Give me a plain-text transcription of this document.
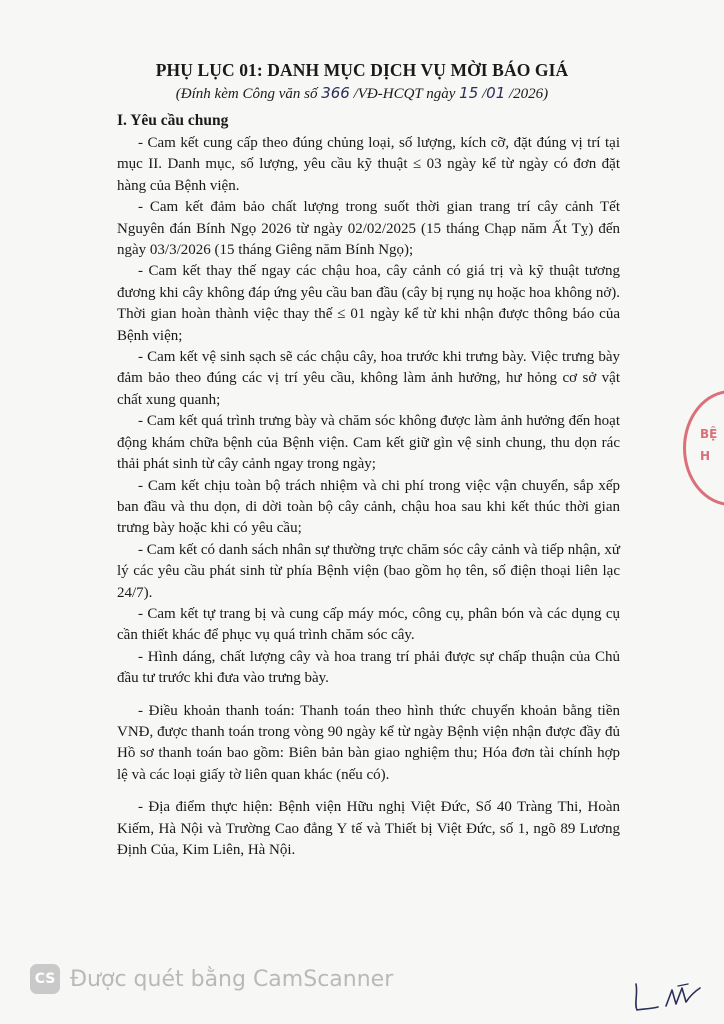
PHỤ LỤC 01: DANH MỤC DỊCH VỤ MỜI BÁO GIÁ
(Đính kèm Công văn số 366 /VĐ-HCQT ngày 15 /01 /2026)
I. Yêu cầu chung

- Cam kết cung cấp theo đúng chủng loại, số lượng, kích cỡ, đặt đúng vị trí tại mục II. Danh mục, số lượng, yêu cầu kỹ thuật ≤ 03 ngày kể từ ngày có đơn đặt hàng của Bệnh viện.

- Cam kết đảm bảo chất lượng trong suốt thời gian trang trí cây cảnh Tết Nguyên đán Bính Ngọ 2026 từ ngày 02/02/2025 (15 tháng Chạp năm Ất Tỵ) đến ngày 03/3/2026 (15 tháng Giêng năm Bính Ngọ);

- Cam kết thay thế ngay các chậu hoa, cây cảnh có giá trị và kỹ thuật tương đương khi cây không đáp ứng yêu cầu ban đầu (cây bị rụng nụ hoặc hoa không nở). Thời gian hoàn thành việc thay thế ≤ 01 ngày kể từ khi nhận được thông báo của Bệnh viện;

- Cam kết vệ sinh sạch sẽ các chậu cây, hoa trước khi trưng bày. Việc trưng bày đảm bảo theo đúng các vị trí yêu cầu, không làm ảnh hưởng, hư hỏng cơ sở vật chất xung quanh;

- Cam kết quá trình trưng bày và chăm sóc không được làm ảnh hưởng đến hoạt động khám chữa bệnh của Bệnh viện. Cam kết giữ gìn vệ sinh chung, thu dọn rác thải phát sinh từ cây cảnh ngay trong ngày;

- Cam kết chịu toàn bộ trách nhiệm và chi phí trong việc vận chuyển, sắp xếp ban đầu và thu dọn, di dời toàn bộ cây cảnh, chậu hoa sau khi kết thúc thời gian trưng bày hoặc khi có yêu cầu;

- Cam kết có danh sách nhân sự thường trực chăm sóc cây cảnh và tiếp nhận, xử lý các yêu cầu phát sinh từ phía Bệnh viện (bao gồm họ tên, số điện thoại liên lạc 24/7).

- Cam kết tự trang bị và cung cấp máy móc, công cụ, phân bón và các dụng cụ cần thiết khác để phục vụ quá trình chăm sóc cây.

- Hình dáng, chất lượng cây và hoa trang trí phải được sự chấp thuận của Chủ đầu tư trước khi đưa vào trưng bày.

- Điều khoản thanh toán: Thanh toán theo hình thức chuyển khoản bằng tiền VNĐ, được thanh toán trong vòng 90 ngày kể từ ngày Bệnh viện nhận được đầy đủ Hồ sơ thanh toán bao gồm: Biên bản bàn giao nghiệm thu; Hóa đơn tài chính hợp lệ và các loại giấy tờ liên quan khác (nếu có).

- Địa điểm thực hiện: Bệnh viện Hữu nghị Việt Đức, Số 40 Tràng Thi, Hoàn Kiếm, Hà Nội và Trường Cao đẳng Y tế và Thiết bị Việt Đức, số 1, ngõ 89 Lương Định Của, Kim Liên, Hà Nội.

BỆ
H
CS Được quét bằng CamScanner
